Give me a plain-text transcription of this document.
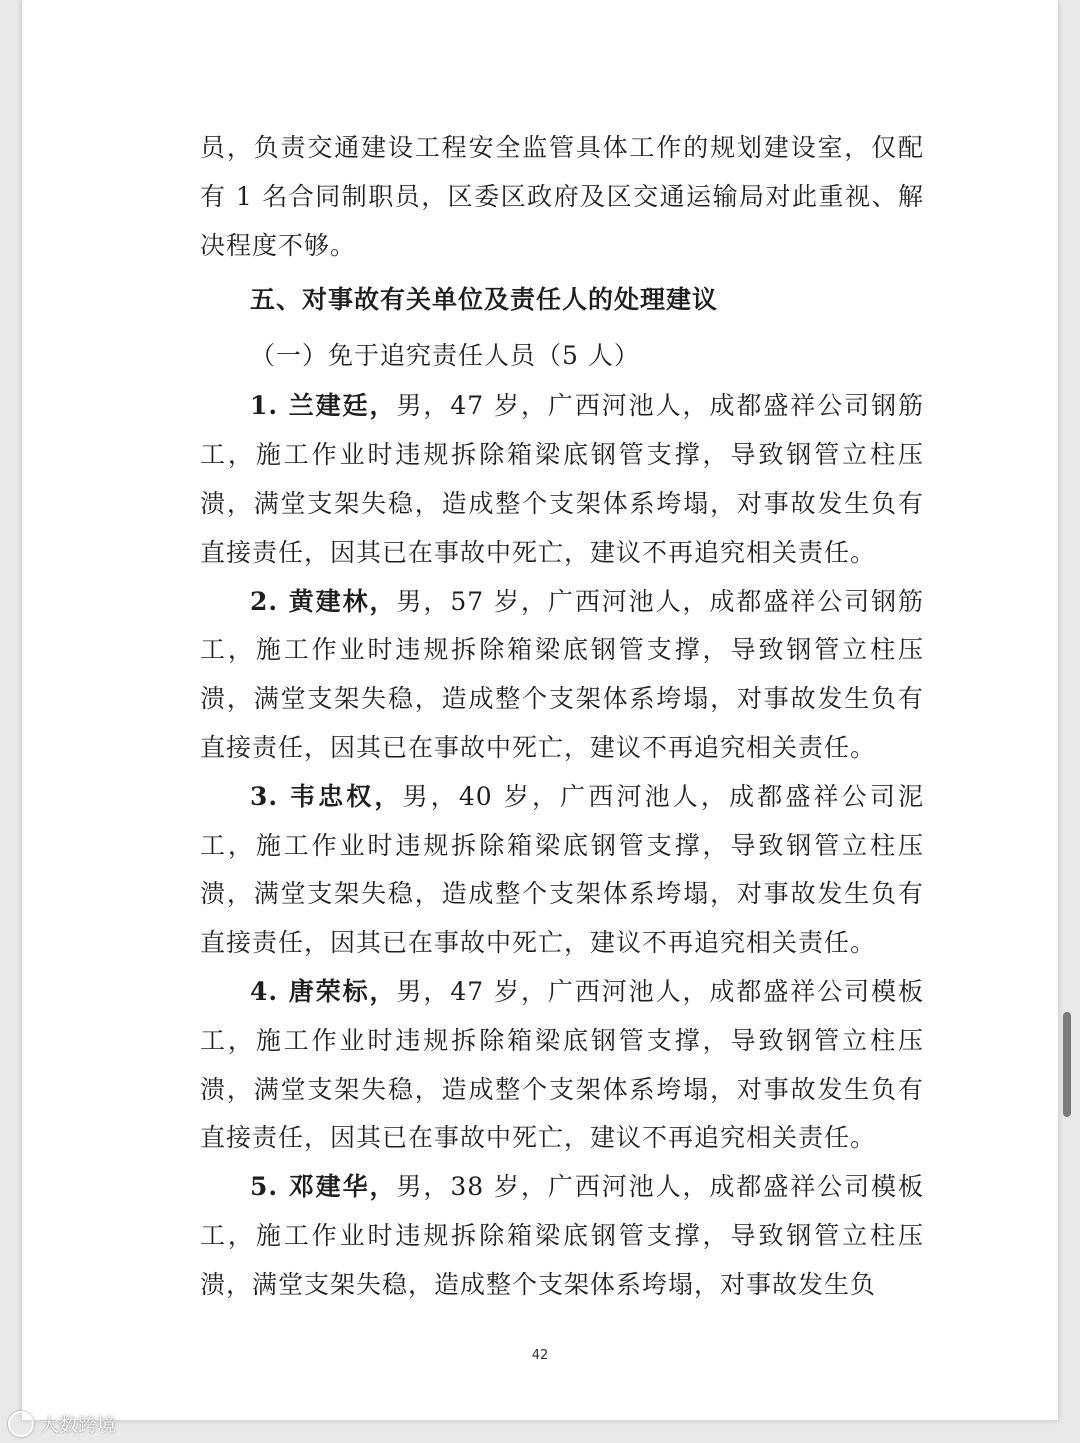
员，负责交通建设工程安全监管具体工作的规划建设室，仅配有 1 名合同制职员，区委区政府及区交通运输局对此重视、解决程度不够。

五、对事故有关单位及责任人的处理建议

（一）免于追究责任人员（5 人）

1. 兰建廷，男，47 岁，广西河池人，成都盛祥公司钢筋工，施工作业时违规拆除箱梁底钢管支撑，导致钢管立柱压溃，满堂支架失稳，造成整个支架体系垮塌，对事故发生负有直接责任，因其已在事故中死亡，建议不再追究相关责任。

2. 黄建林，男，57 岁，广西河池人，成都盛祥公司钢筋工，施工作业时违规拆除箱梁底钢管支撑，导致钢管立柱压溃，满堂支架失稳，造成整个支架体系垮塌，对事故发生负有直接责任，因其已在事故中死亡，建议不再追究相关责任。

3. 韦忠权，男，40 岁，广西河池人，成都盛祥公司泥工，施工作业时违规拆除箱梁底钢管支撑，导致钢管立柱压溃，满堂支架失稳，造成整个支架体系垮塌，对事故发生负有直接责任，因其已在事故中死亡，建议不再追究相关责任。

4. 唐荣标，男，47 岁，广西河池人，成都盛祥公司模板工，施工作业时违规拆除箱梁底钢管支撑，导致钢管立柱压溃，满堂支架失稳，造成整个支架体系垮塌，对事故发生负有直接责任，因其已在事故中死亡，建议不再追究相关责任。

5. 邓建华，男，38 岁，广西河池人，成都盛祥公司模板工，施工作业时违规拆除箱梁底钢管支撑，导致钢管立柱压溃，满堂支架失稳，造成整个支架体系垮塌，对事故发生负

42
大数跨境
